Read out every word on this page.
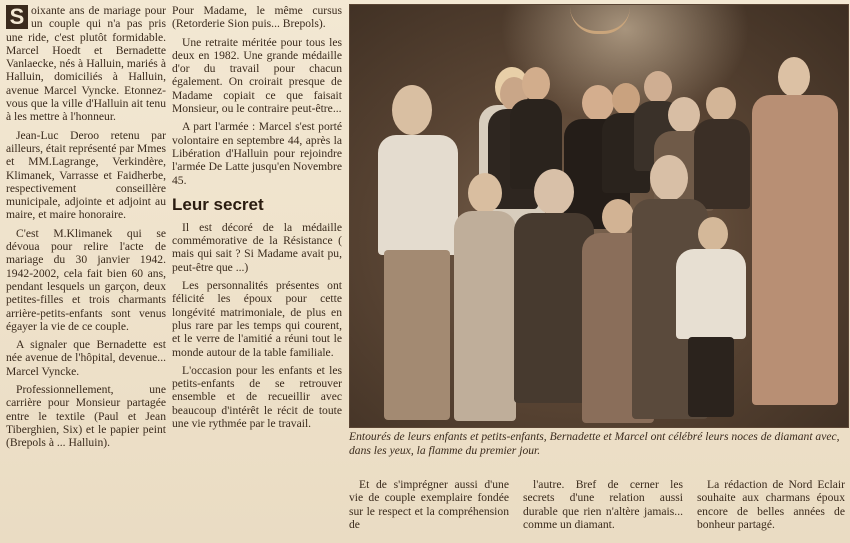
S oixante ans de mariage pour un couple qui n'a pas pris une ride, c'est plutôt formidable. Marcel Hoedt et Bernadette Vanlaecke, nés à Halluin, mariés à Halluin, domiciliés à Halluin, avenue Marcel Vyncke. Etonnez-vous que la ville d'Halluin ait tenu à les mettre à l'honneur.

Jean-Luc Deroo retenu par ailleurs, était représenté par Mmes et MM.Lagrange, Verkindère, Klimanek, Varrasse et Faidherbe, respectivement conseillère municipale, adjointe et adjoint au maire, et maire honoraire.

C'est M.Klimanek qui se dévoua pour relire l'acte de mariage du 30 janvier 1942. 1942-2002, cela fait bien 60 ans, pendant lesquels un garçon, deux petites-filles et trois charmants arrière-petits-enfants sont venus égayer la vie de ce couple.

A signaler que Bernadette est née avenue de l'hôpital, devenue... Marcel Vyncke.

Professionnellement, une carrière pour Monsieur partagée entre le textile (Paul et Jean Tiberghien, Six) et le papier peint (Brepols à ... Halluin).

Pour Madame, le même cursus (Retorderie Sion puis... Brepols).

Une retraite méritée pour tous les deux en 1982. Une grande médaille d'or du travail pour chacun également. On croirait presque de Madame copiait ce que faisait Monsieur, ou le contraire peut-être...

A part l'armée : Marcel s'est porté volontaire en septembre 44, après la Libération d'Halluin pour rejoindre l'armée De Latte jusqu'en Novembre 45.

Leur secret

Il est décoré de la médaille commémorative de la Résistance ( mais qui sait ? Si Madame avait pu, peut-être que ...)

Les personnalités présentes ont félicité les époux pour cette longévité matrimoniale, de plus en plus rare par les temps qui courent, et le verre de l'amitié a réuni tout le monde autour de la table familiale.

L'occasion pour les enfants et les petits-enfants de se retrouver ensemble et de recueillir avec beaucoup d'intérêt le récit de toute une vie rythmée par le travail.

Entourés de leurs enfants et petits-enfants, Bernadette et Marcel ont célébré leurs noces de diamant avec, dans les yeux, la flamme du premier jour.

Et de s'imprégner aussi d'une vie de couple exemplaire fondée sur le respect et la compréhension de

l'autre. Bref de cerner les secrets d'une relation aussi durable que rien n'altère jamais... comme un diamant.

La rédaction de Nord Eclair souhaite aux charmans époux encore de belles années de bonheur partagé.
